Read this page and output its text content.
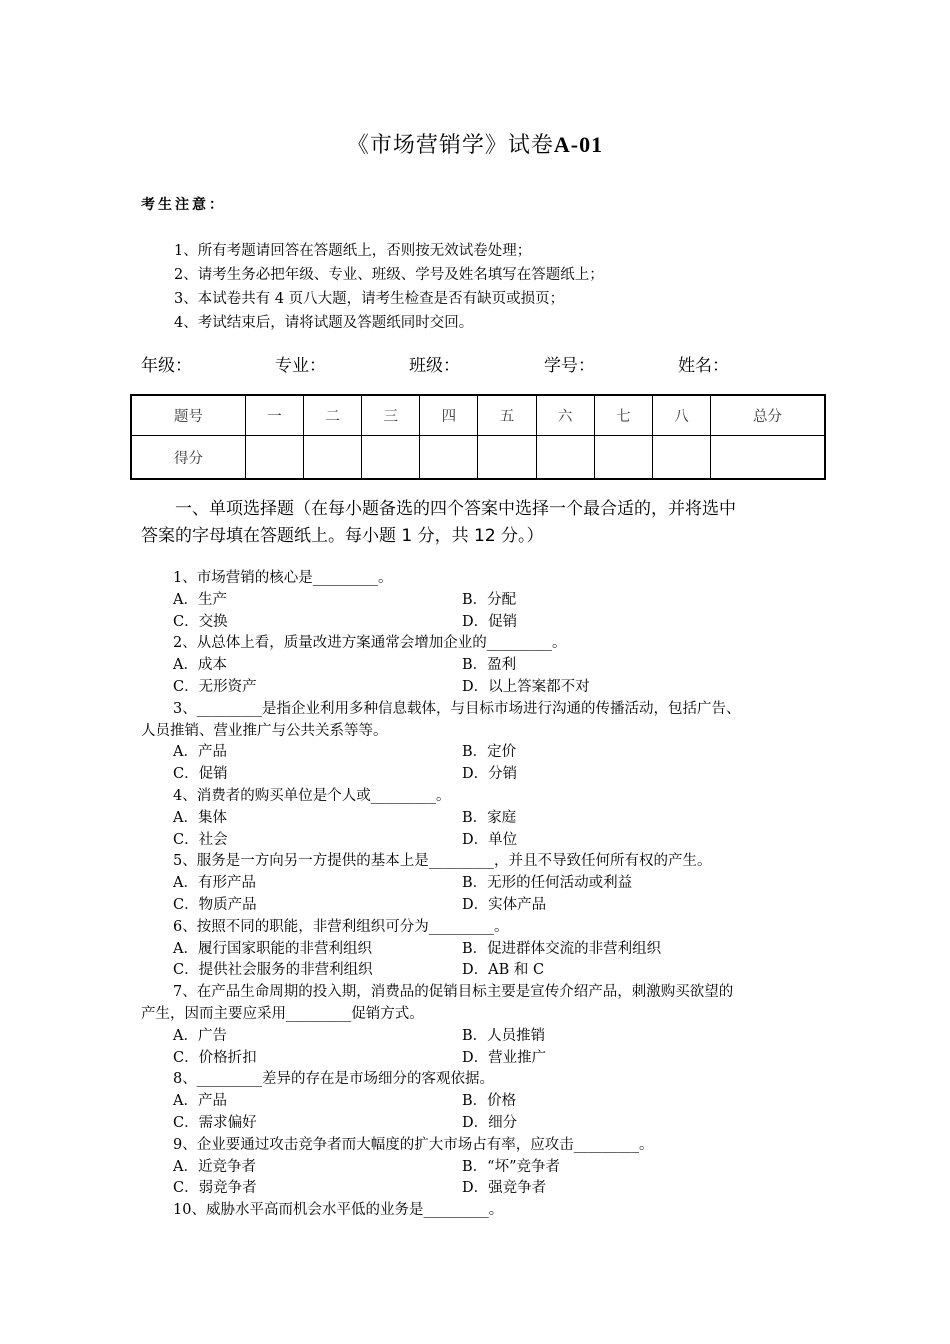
《市场营销学》试卷A-01
考生注意：
1、所有考题请回答在答题纸上，否则按无效试卷处理；
2、请考生务必把年级、专业、班级、学号及姓名填写在答题纸上；
3、本试卷共有 4 页八大题，请考生检查是否有缺页或损页；
4、考试结束后，请将试题及答题纸同时交回。
年级：	专业：	班级：	学号：	姓名：
题号	一	二	三	四	五	六	七	八	总分
得分									
一、单项选择题（在每小题备选的四个答案中选择一个最合适的，并将选中
答案的字母填在答题纸上。每小题 1 分，共 12 分。）
1、市场营销的核心是_________。
A．生产	B．分配
C．交换	D．促销
2、从总体上看，质量改进方案通常会增加企业的_________。
A．成本	B．盈利
C．无形资产	D．以上答案都不对
3、_________是指企业利用多种信息载体，与目标市场进行沟通的传播活动，包括广告、
人员推销、营业推广与公共关系等等。
A．产品	B．定价
C．促销	D．分销
4、消费者的购买单位是个人或_________。
A．集体	B．家庭
C．社会	D．单位
5、服务是一方向另一方提供的基本上是_________，并且不导致任何所有权的产生。
A．有形产品	B．无形的任何活动或利益
C．物质产品	D．实体产品
6、按照不同的职能，非营利组织可分为_________。
A．履行国家职能的非营利组织	B．促进群体交流的非营利组织
C．提供社会服务的非营利组织	D．AB 和 C
7、在产品生命周期的投入期，消费品的促销目标主要是宣传介绍产品，刺激购买欲望的
产生，因而主要应采用_________促销方式。
A．广告	B．人员推销
C．价格折扣	D．营业推广
8、_________差异的存在是市场细分的客观依据。
A．产品	B．价格
C．需求偏好	D．细分
9、企业要通过攻击竞争者而大幅度的扩大市场占有率，应攻击_________。
A．近竞争者	B．“坏”竞争者
C．弱竞争者	D．强竞争者
10、威胁水平高而机会水平低的业务是_________。
